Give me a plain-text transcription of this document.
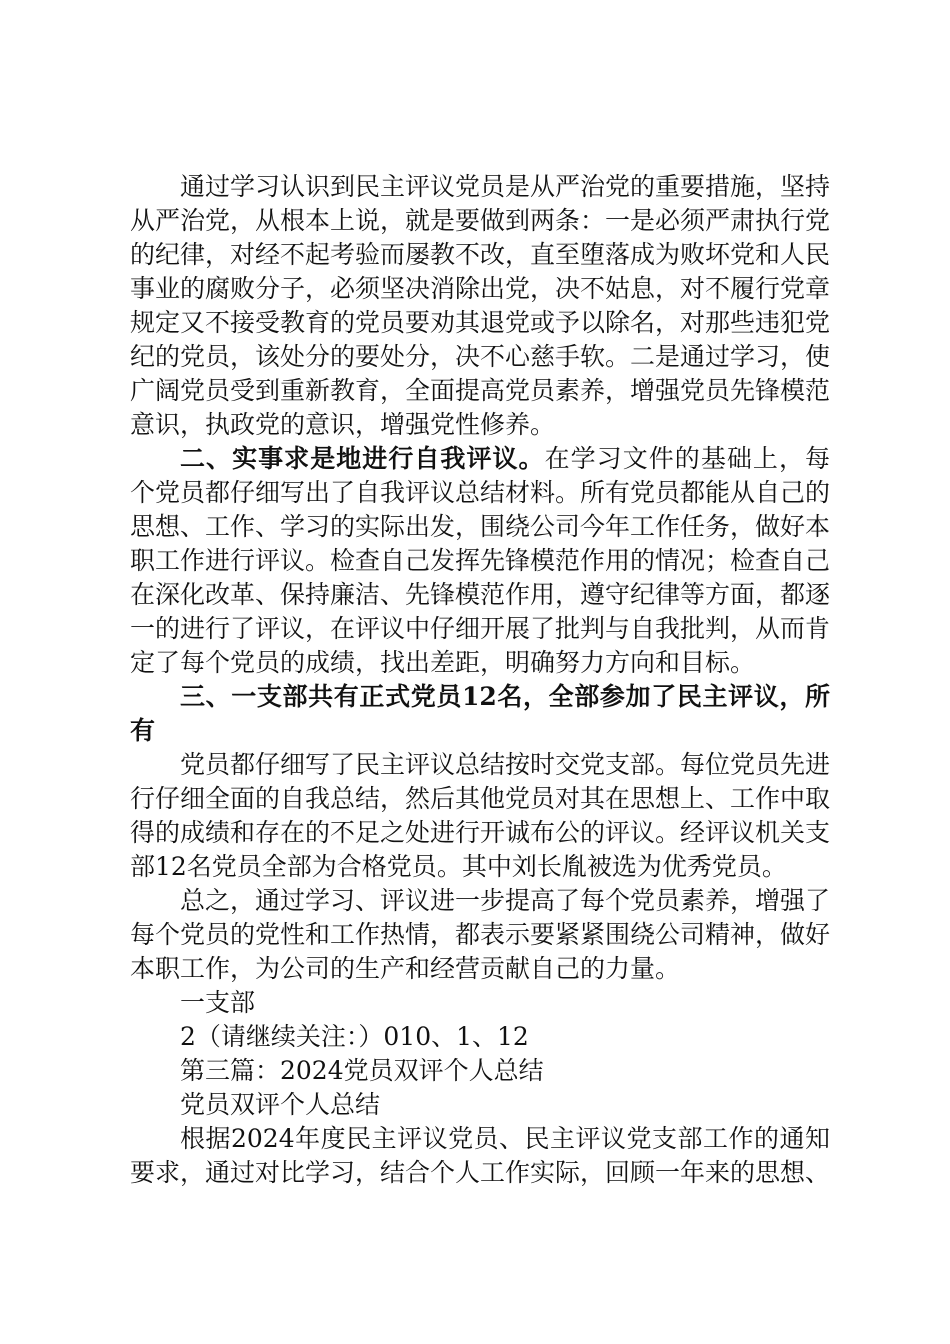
通过学习认识到民主评议党员是从严治党的重要措施，坚持从严治党，从根本上说，就是要做到两条：一是必须严肃执行党的纪律，对经不起考验而屡教不改，直至堕落成为败坏党和人民事业的腐败分子，必须坚决消除出党，决不姑息，对不履行党章规定又不接受教育的党员要劝其退党或予以除名，对那些违犯党纪的党员，该处分的要处分，决不心慈手软。二是通过学习，使广阔党员受到重新教育，全面提高党员素养，增强党员先锋模范意识，执政党的意识，增强党性修养。

二、实事求是地进行自我评议。在学习文件的基础上，每个党员都仔细写出了自我评议总结材料。所有党员都能从自己的思想、工作、学习的实际出发，围绕公司今年工作任务，做好本职工作进行评议。检查自己发挥先锋模范作用的情况；检查自己在深化改革、保持廉洁、先锋模范作用，遵守纪律等方面，都逐一的进行了评议，在评议中仔细开展了批判与自我批判，从而肯定了每个党员的成绩，找出差距，明确努力方向和目标。

三、一支部共有正式党员12名，全部参加了民主评议，所有

党员都仔细写了民主评议总结按时交党支部。每位党员先进行仔细全面的自我总结，然后其他党员对其在思想上、工作中取得的成绩和存在的不足之处进行开诚布公的评议。经评议机关支部12名党员全部为合格党员。其中刘长胤被选为优秀党员。

总之，通过学习、评议进一步提高了每个党员素养，增强了每个党员的党性和工作热情，都表示要紧紧围绕公司精神，做好本职工作，为公司的生产和经营贡献自己的力量。

一支部
2（请继续关注：）010、1、12
第三篇：2024党员双评个人总结
党员双评个人总结

根据2024年度民主评议党员、民主评议党支部工作的通知要求，通过对比学习，结合个人工作实际，回顾一年来的思想、
